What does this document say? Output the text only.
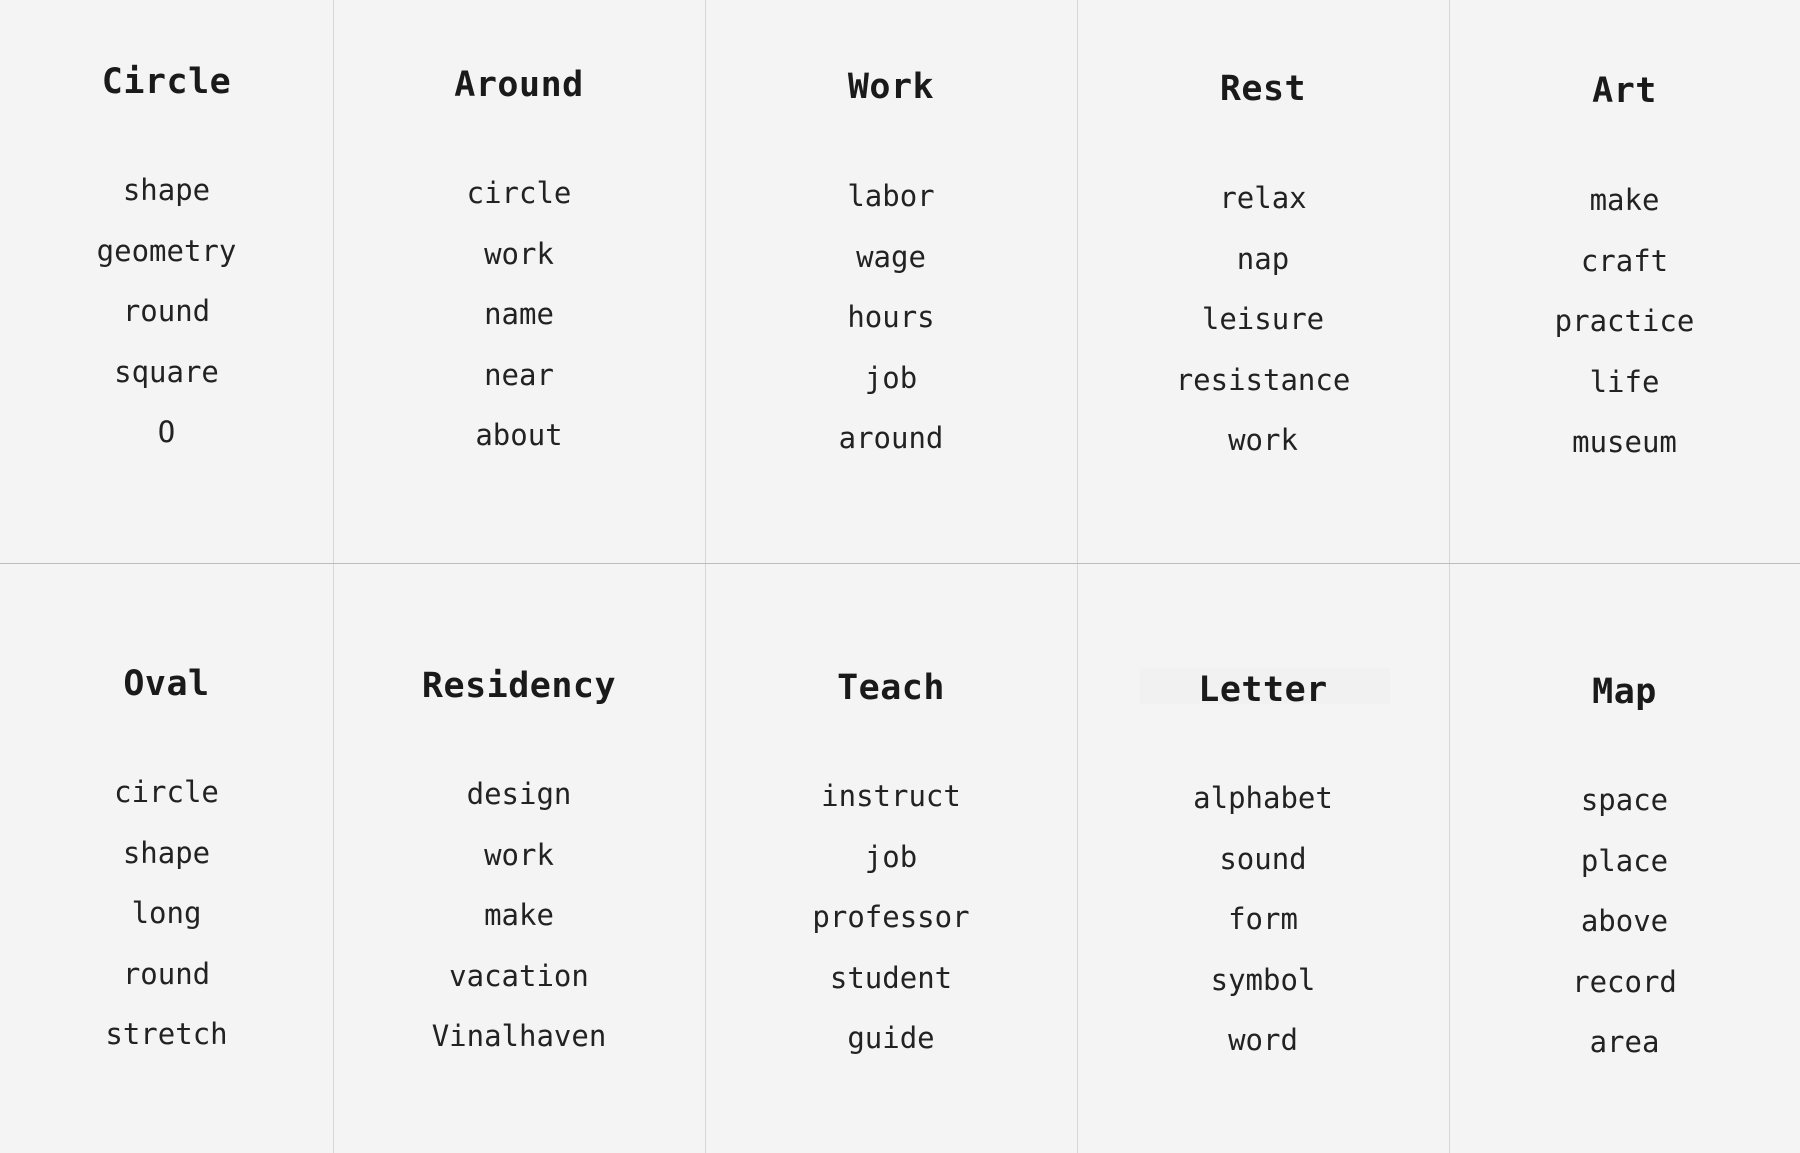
Circle
shape
geometry
round
square
O
Around
circle
work
name
near
about
Work
labor
wage
hours
job
around
Rest
relax
nap
leisure
resistance
work
Art
make
craft
practice
life
museum
Oval
circle
shape
long
round
stretch
Residency
design
work
make
vacation
Vinalhaven
Teach
instruct
job
professor
student
guide
Letter
alphabet
sound
form
symbol
word
Map
space
place
above
record
area
